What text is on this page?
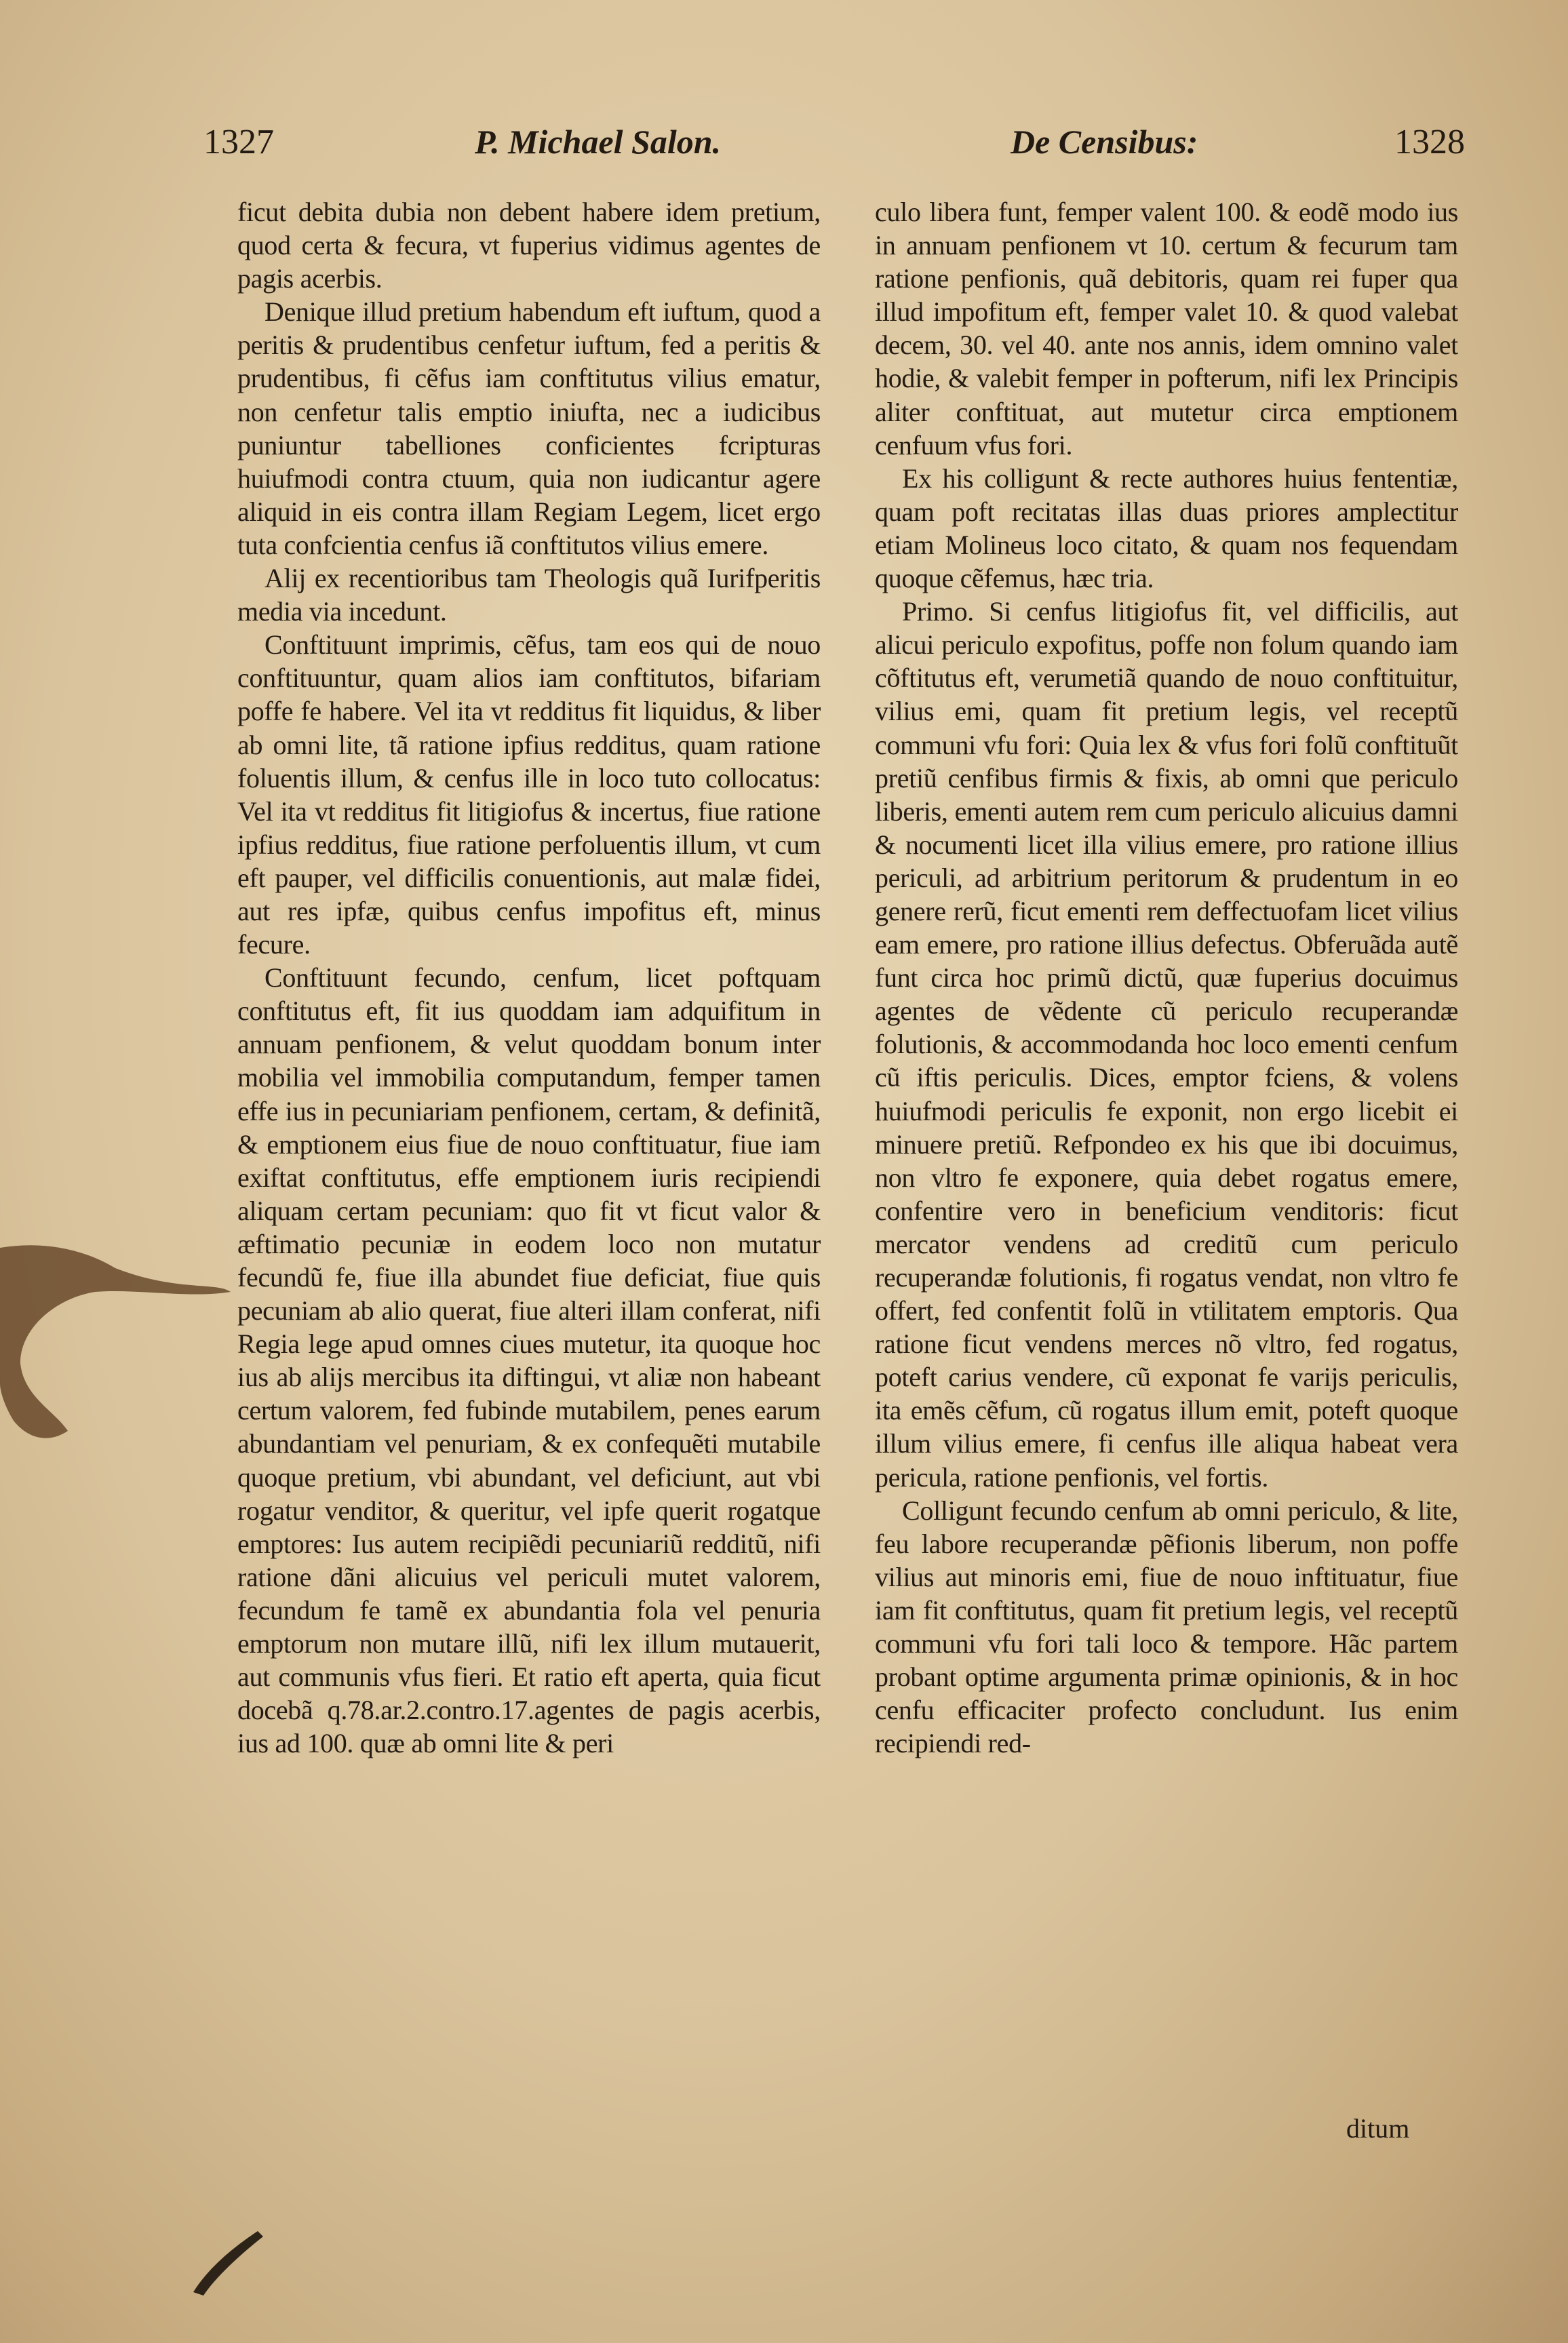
1327	P. Michael Salon.	De Censibus:	1328

ficut debita dubia non debent habere idem pretium, quod certa & fecura, vt fuperius vidimus agentes de pagis acerbis.

Denique illud pretium habendum eft iuftum, quod a peritis & prudentibus cenfetur iuftum, fed a peritis & prudentibus, fi cẽfus iam conftitutus vilius ematur, non cenfetur talis emptio iniufta, nec a iudicibus puniuntur tabelliones conficientes fcripturas huiufmodi contra ctuum, quia non iudicantur agere aliquid in eis contra illam Regiam Legem, licet ergo tuta confcientia cenfus iã conftitutos vilius emere.

Alij ex recentioribus tam Theologis quã Iurifperitis media via incedunt.

Conftituunt imprimis, cẽfus, tam eos qui de nouo conftituuntur, quam alios iam conftitutos, bifariam poffe fe habere. Vel ita vt redditus fit liquidus, & liber ab omni lite, tã ratione ipfius redditus, quam ratione foluentis illum, & cenfus ille in loco tuto collocatus: Vel ita vt redditus fit litigiofus & incertus, fiue ratione ipfius redditus, fiue ratione perfoluentis illum, vt cum eft pauper, vel difficilis conuentionis, aut malæ fidei, aut res ipfæ, quibus cenfus impofitus eft, minus fecure.

Conftituunt fecundo, cenfum, licet poftquam conftitutus eft, fit ius quoddam iam adquifitum in annuam penfionem, & velut quoddam bonum inter mobilia vel immobilia computandum, femper tamen effe ius in pecuniariam penfionem, certam, & definitã, & emptionem eius fiue de nouo conftituatur, fiue iam exiftat conftitutus, effe emptionem iuris recipiendi aliquam certam pecuniam: quo fit vt ficut valor & æftimatio pecuniæ in eodem loco non mutatur fecundũ fe, fiue illa abundet fiue deficiat, fiue quis pecuniam ab alio querat, fiue alteri illam conferat, nifi Regia lege apud omnes ciues mutetur, ita quoque hoc ius ab alijs mercibus ita diftingui, vt aliæ non habeant certum valorem, fed fubinde mutabilem, penes earum abundantiam vel penuriam, & ex confequẽti mutabile quoque pretium, vbi abundant, vel deficiunt, aut vbi rogatur venditor, & queritur, vel ipfe querit rogatque emptores: Ius autem recipiẽdi pecuniariũ redditũ, nifi ratione dãni alicuius vel periculi mutet valorem, fecundum fe tamẽ ex abundantia fola vel penuria emptorum non mutare illũ, nifi lex illum mutauerit, aut communis vfus fieri. Et ratio eft aperta, quia ficut docebã q.78.ar.2.contro.17.agentes de pagis acerbis, ius ad 100. quæ ab omni lite & peri

culo libera funt, femper valent 100. & eodẽ modo ius in annuam penfionem vt 10. certum & fecurum tam ratione penfionis, quã debitoris, quam rei fuper qua illud impofitum eft, femper valet 10. & quod valebat decem, 30. vel 40. ante nos annis, idem omnino valet hodie, & valebit femper in pofterum, nifi lex Principis aliter conftituat, aut mutetur circa emptionem cenfuum vfus fori.

Ex his colligunt & recte authores huius fententiæ, quam poft recitatas illas duas priores amplectitur etiam Molineus loco citato, & quam nos fequendam quoque cẽfemus, hæc tria.

Primo. Si cenfus litigiofus fit, vel difficilis, aut alicui periculo expofitus, poffe non folum quando iam cõftitutus eft, verumetiã quando de nouo conftituitur, vilius emi, quam fit pretium legis, vel receptũ communi vfu fori: Quia lex & vfus fori folũ conftituũt pretiũ cenfibus firmis & fixis, ab omni que periculo liberis, ementi autem rem cum periculo alicuius damni & nocumenti licet illa vilius emere, pro ratione illius periculi, ad arbitrium peritorum & prudentum in eo genere rerũ, ficut ementi rem deffectuofam licet vilius eam emere, pro ratione illius defectus. Obferuãda autẽ funt circa hoc primũ dictũ, quæ fuperius docuimus agentes de vẽdente cũ periculo recuperandæ folutionis, & accommodanda hoc loco ementi cenfum cũ iftis periculis. Dices, emptor fciens, & volens huiufmodi periculis fe exponit, non ergo licebit ei minuere pretiũ. Refpondeo ex his que ibi docuimus, non vltro fe exponere, quia debet rogatus emere, confentire vero in beneficium venditoris: ficut mercator vendens ad creditũ cum periculo recuperandæ folutionis, fi rogatus vendat, non vltro fe offert, fed confentit folũ in vtilitatem emptoris. Qua ratione ficut vendens merces nõ vltro, fed rogatus, poteft carius vendere, cũ exponat fe varijs periculis, ita emẽs cẽfum, cũ rogatus illum emit, poteft quoque illum vilius emere, fi cenfus ille aliqua habeat vera pericula, ratione penfionis, vel fortis.

Colligunt fecundo cenfum ab omni periculo, & lite, feu labore recuperandæ pẽfionis liberum, non poffe vilius aut minoris emi, fiue de nouo inftituatur, fiue iam fit conftitutus, quam fit pretium legis, vel receptũ communi vfu fori tali loco & tempore. Hãc partem probant optime argumenta primæ opinionis, & in hoc cenfu efficaciter profecto concludunt. Ius enim recipiendi red-

ditum
